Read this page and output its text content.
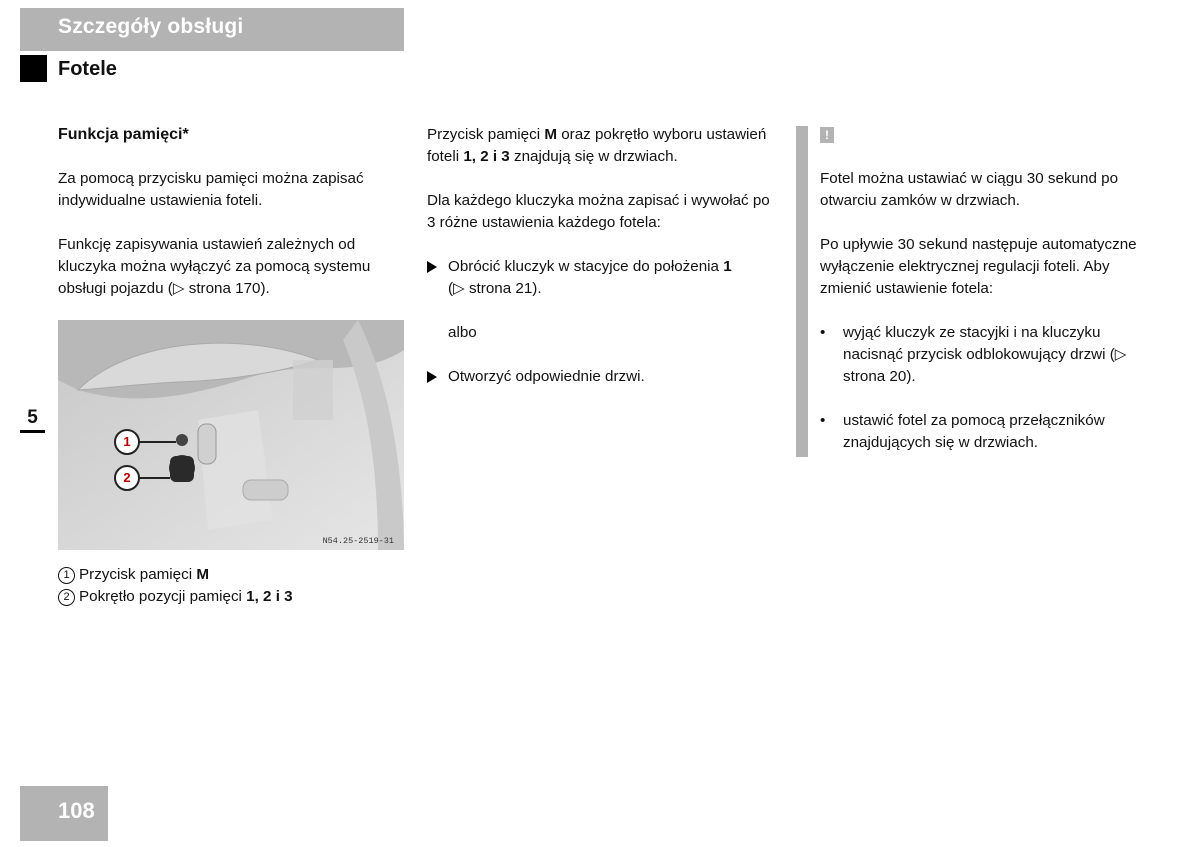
Szczegóły obsługi
Fotele
5

Funkcja pamięci*

Za pomocą przycisku pamięci można zapisać indywidualne ustawienia foteli.

Funkcję zapisywania ustawień zależnych od kluczyka można wyłączyć za pomocą systemu obsługi pojazdu (▷ strona 170).

1
2
N54.25-2519-31
1 Przycisk pamięci
M
2 Pokrętło pozycji pamięci
1, 2 i 3

Przycisk pamięci M oraz pokrętło wyboru ustawień foteli 1, 2 i 3 znajdują się w drzwiach.

Dla każdego kluczyka można zapisać i wywołać po 3 różne ustawienia każdego fotela:

Obrócić kluczyk w stacyjce do położenia 1
(▷ strona 21).

albo

Otworzyć odpowiednie drzwi.
!

Fotel można ustawiać w ciągu 30 sekund po otwarciu zamków w drzwiach.

Po upływie 30 sekund następuje automatyczne wyłączenie elektrycznej regulacji foteli. Aby zmienić ustawienie fotela:

•	wyjąć kluczyk ze stacyjki i na kluczyku nacisnąć przycisk odblokowujący drzwi (▷ strona 20).
•	ustawić fotel za pomocą przełączników znajdujących się w drzwiach.
108
